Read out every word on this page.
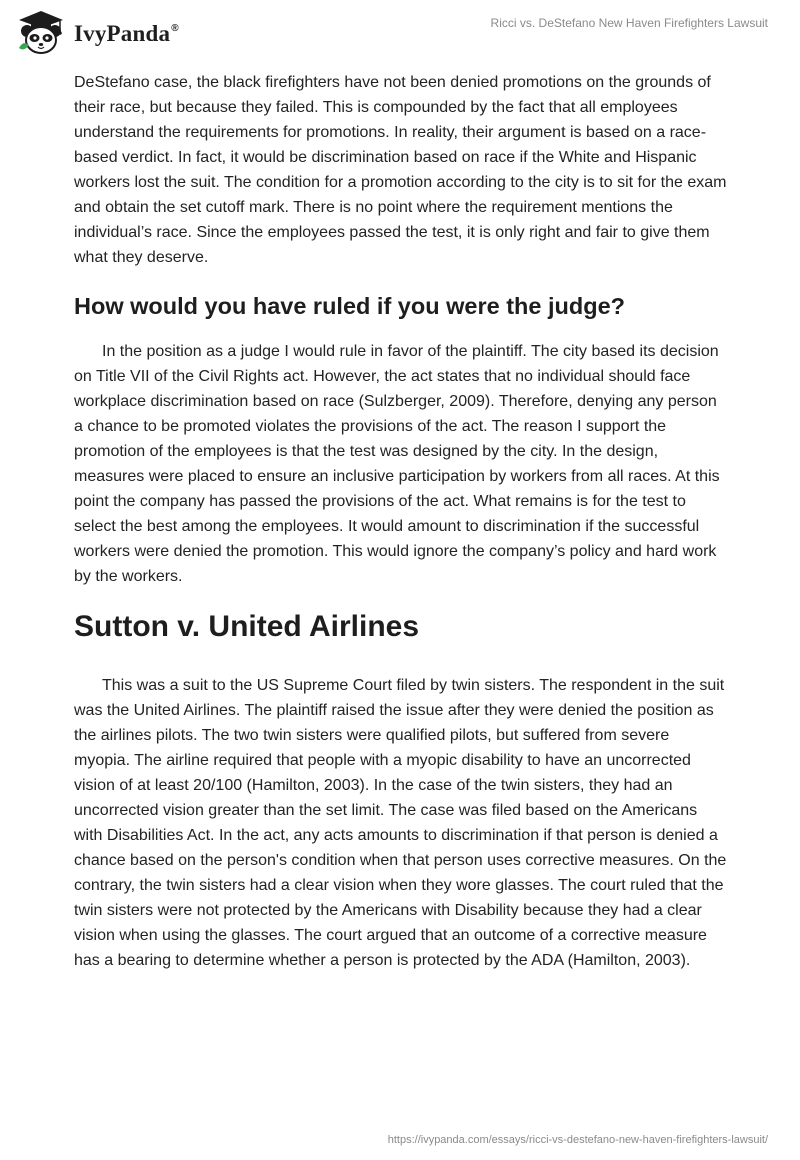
IvyPanda®	Ricci vs. DeStefano New Haven Firefighters Lawsuit

DeStefano case, the black firefighters have not been denied promotions on the grounds of their race, but because they failed. This is compounded by the fact that all employees understand the requirements for promotions. In reality, their argument is based on a race-based verdict. In fact, it would be discrimination based on race if the White and Hispanic workers lost the suit. The condition for a promotion according to the city is to sit for the exam and obtain the set cutoff mark. There is no point where the requirement mentions the individual’s race. Since the employees passed the test, it is only right and fair to give them what they deserve.

How would you have ruled if you were the judge?

In the position as a judge I would rule in favor of the plaintiff. The city based its decision on Title VII of the Civil Rights act. However, the act states that no individual should face workplace discrimination based on race (Sulzberger, 2009). Therefore, denying any person a chance to be promoted violates the provisions of the act. The reason I support the promotion of the employees is that the test was designed by the city. In the design, measures were placed to ensure an inclusive participation by workers from all races. At this point the company has passed the provisions of the act. What remains is for the test to select the best among the employees. It would amount to discrimination if the successful workers were denied the promotion. This would ignore the company’s policy and hard work by the workers.

Sutton v. United Airlines

This was a suit to the US Supreme Court filed by twin sisters. The respondent in the suit was the United Airlines. The plaintiff raised the issue after they were denied the position as the airlines pilots. The two twin sisters were qualified pilots, but suffered from severe myopia. The airline required that people with a myopic disability to have an uncorrected vision of at least 20/100 (Hamilton, 2003). In the case of the twin sisters, they had an uncorrected vision greater than the set limit. The case was filed based on the Americans with Disabilities Act. In the act, any acts amounts to discrimination if that person is denied a chance based on the person's condition when that person uses corrective measures. On the contrary, the twin sisters had a clear vision when they wore glasses. The court ruled that the twin sisters were not protected by the Americans with Disability because they had a clear vision when using the glasses. The court argued that an outcome of a corrective measure has a bearing to determine whether a person is protected by the ADA (Hamilton, 2003).

https://ivypanda.com/essays/ricci-vs-destefano-new-haven-firefighters-lawsuit/
